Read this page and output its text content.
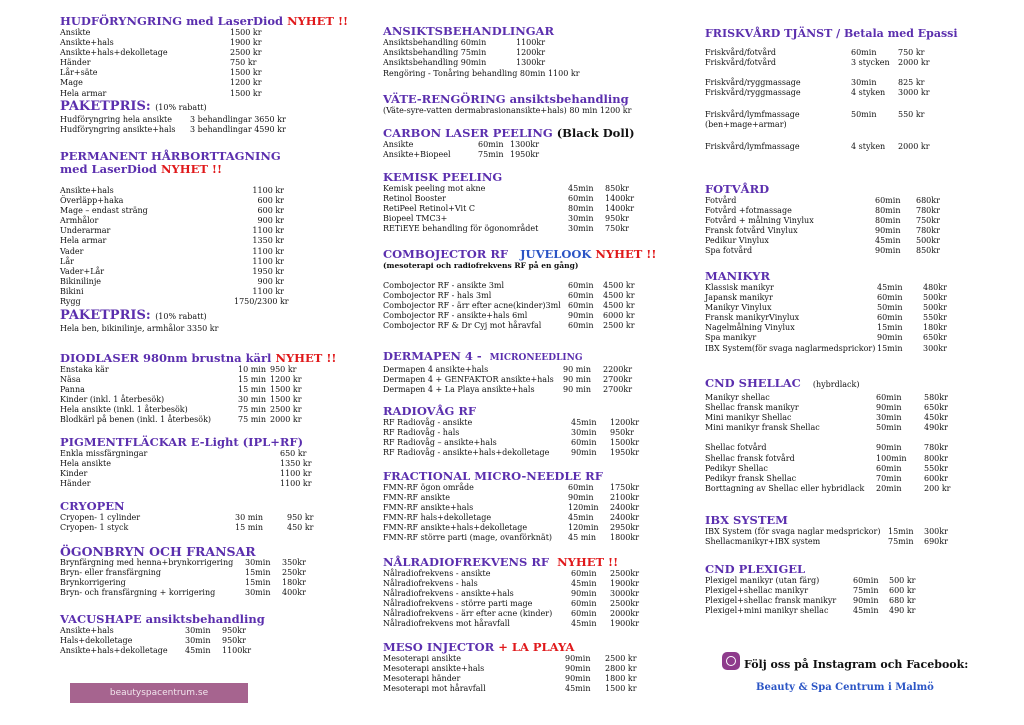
HUDFÖRYNGRING med LaserDiod NYHET !!
Ansikte	1500 kr
Ansikte+hals	1900 kr
Ansikte+hals+dekolletage	2500 kr
Händer	750 kr
Lår+säte	1500 kr
Mage	1200 kr
Hela armar	1500 kr
PAKETPRIS: (10% rabatt)
Hudföryngring hela ansikte 3 behandlingar 3650 kr
Hudföryngring ansikte+hals 3 behandlingar 4590 kr
PERMANENT HÅRBORTTAGNING
med LaserDiod NYHET !!
Ansikte+hals	1100 kr
Överläpp+haka	600 kr
Mage – endast sträng	600 kr
Armhålor	900 kr
Underarmar	1100 kr
Hela armar	1350 kr
Vader	1100 kr
Lår	1100 kr
Vader+Lår	1950 kr
Bikinilinje	900 kr
Bikini	1100 kr
Rygg	1750/2300 kr
PAKETPRIS: (10% rabatt)
Hela ben, bikinilinje, armhålor 3350 kr
DIODLASER 980nm brustna kärl NYHET !!
Enstaka kär	10 min 950 kr
Näsa	15 min 1200 kr
Panna	15 min 1500 kr
Kinder (inkl. 1 återbesök)	30 min 1500 kr
Hela ansikte (inkl. 1 återbesök)	75 min 2500 kr
Blodkärl på benen (inkl. 1 återbesök)	75 min 2000 kr
PIGMENTFLÄCKAR E-Light (IPL+RF)
Enkla missfärgningar	650 kr
Hela ansikte	1350 kr
Kinder	1100 kr
Händer	1100 kr
CRYOPEN
Cryopen- 1 cylinder	30 min	950 kr
Cryopen- 1 styck	15 min	450 kr
ÖGONBRYN OCH FRANSAR
Brynfärgning med henna+brynkorrigering 30min 350kr
Bryn- eller fransfärgning	15min 250kr
Brynkorrigering	15min 180kr
Bryn- och fransfärgning + korrigering	30min 400kr
VACUSHAPE ansiktsbehandling
Ansikte+hals	30min 950kr
Hals+dekolletage	30min 950kr
Ansikte+hals+dekolletage 45min 1100kr
beautyspacentrum.se
ANSIKTSBEHANDLINGAR
Ansiktsbehandling 60min	1100kr
Ansiktsbehandling 75min	1200kr
Ansiktsbehandling 90min	1300kr
Rengöring - Tonåring behandling 80min 1100 kr
VÄTE-RENGÖRING ansiktsbehandling
(Väte-syre-vatten dermabrasionansikte+hals) 80 min 1200 kr
CARBON LASER PEELING (Black Doll)
Ansikte	60min 1300kr
Ansikte+Biopeel	75min 1950kr
KEMISK PEELING
Kemisk peeling mot akne	45min 850kr
Retinol Booster	60min 1400kr
RetiPeel Retinol+Vit C	80min 1400kr
Biopeel TMC3+	30min 950kr
RETiEYE behandling för ögonområdet	30min 750kr
COMBOJECTOR RF JUVELOOK NYHET !!
(mesoterapi och radiofrekvens RF på en gång)
Combojector RF - ansikte 3ml	60min 4500 kr
Combojector RF - hals 3ml	60min 4500 kr
Combojector RF - ärr efter acne(kinder)3ml 60min 4500 kr
Combojector RF - ansikte+hals 6ml	90min 6000 kr
Combojector RF & Dr Cyj mot håravfal	60min 2500 kr
DERMAPEN 4 - MICRONEEDLING
Dermapen 4 ansikte+hals	90 min 2200kr
Dermapen 4 + GENFAKTOR ansikte+hals 90 min 2700kr
Dermapen 4 + La Playa ansikte+hals	90 min 2700kr
RADIOVÅG RF
RF Radiovåg - ansikte	45min 1200kr
RF Radiovåg - hals	30min 950kr
RF Radiovåg – ansikte+hals	60min 1500kr
RF Radiovåg - ansikte+hals+dekolletage	90min 1950kr
FRACTIONAL MICRO-NEEDLE RF
FMN-RF ögon område	60min 1750kr
FMN-RF ansikte	90min 2100kr
FMN-RF ansikte+hals	120min 2400kr
FMN-RF hals+dekolletage	45min 2400kr
FMN-RF ansikte+hals+dekolletage	120min 2950kr
FMN-RF större parti (mage, ovanförknät) 45 min 1800kr
NÅLRADIOFREKVENS RF NYHET !!
Nålradiofrekvens - ansikte	60min 2500kr
Nålradiofrekvens - hals	45min 1900kr
Nålradiofrekvens - ansikte+hals	90min 3000kr
Nålradiofrekvens - större parti mage	60min 2500kr
Nålradiofrekvens - ärr efter acne (kinder) 60min 2000kr
Nålradiofrekvens mot håravfall	45min 1900kr
MESO INJECTOR + LA PLAYA
Mesoterapi ansikte	90min 2500 kr
Mesoterapi ansikte+hals	90min 2800 kr
Mesoterapi händer	90min 1800 kr
Mesoterapi mot håravfall	45min 1500 kr
FRISKVÅRD TJÄNST / Betala med Epassi
Friskvård/fotvård	60min	750 kr
Friskvård/fotvård	3 stycken 2000 kr
Friskvård/ryggmassage	30min	825 kr
Friskvård/ryggmassage	4 styken 3000 kr
Friskvård/lymfmassage	50min	550 kr
(ben+mage+armar)
Friskvård/lymfmassage	4 styken 2000 kr
FOTVÅRD
Fotvård	60min 680kr
Fotvård +fotmassage	80min 780kr
Fotvård + målning Vinylux	80min 750kr
Fransk fotvård Vinylux	90min 780kr
Pedikur Vinylux	45min 500kr
Spa fotvård	90min 850kr
MANIKYR
Klassisk manikyr	45min	480kr
Japansk manikyr	60min	500kr
Manikyr Vinylux	50min	500kr
Fransk manikyrVinylux	60min	550kr
Nagelmålning Vinylux	15min	180kr
Spa manikyr	90min	650kr
IBX System(för svaga naglarmedsprickor) 15min	300kr
CND SHELLAC (hybrdlack)
Manikyr shellac	60min	580kr
Shellac fransk manikyr	90min	650kr
Mini manikyr Shellac	30min	450kr
Mini manikyr fransk Shellac	50min	490kr
Shellac fotvård	90min	780kr
Shellac fransk fotvård	100min 800kr
Pedikyr Shellac	60min	550kr
Pedikyr fransk Shellac	70min	600kr
Borttagning av Shellac eller hybridlack 20min	200 kr
IBX SYSTEM
IBX System (för svaga naglar medsprickor) 15min 300kr
Shellacmanikyr+IBX system	75min 690kr
CND PLEXIGEL
Plexigel manikyr (utan färg)	60min 500 kr
Plexigel+shellac manikyr	75min 600 kr
Plexigel+shellac fransk manikyr 90min 680 kr
Plexigel+mini manikyr shellac	45min 490 kr
Följ oss på Instagram och Facebook:
Beauty & Spa Centrum i Malmö
